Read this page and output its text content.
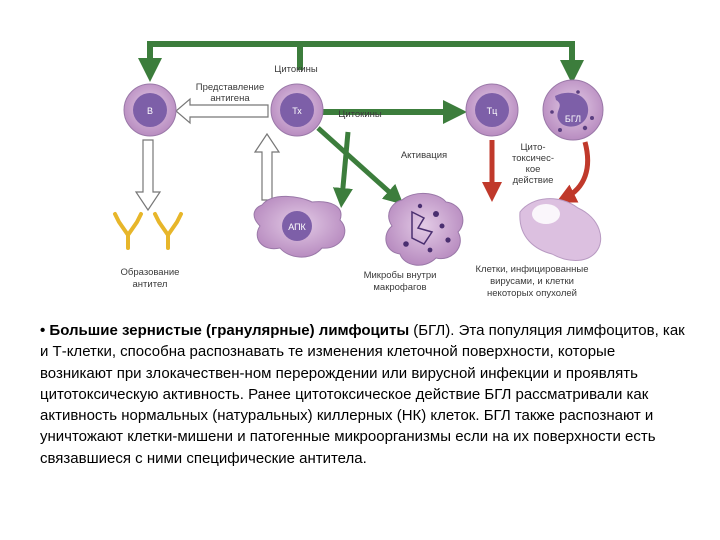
В	Тх	Тц
БГЛ
АПК
Цитокины
Представление
антигена
Цитокины
Активация
Цито-
токсичес-
кое
действие
Образование
антител
Микробы внутри
макрофагов
Клетки, инфицированные
вирусами, и клетки
некоторых опухолей
• Большие зернистые (гранулярные) лимфоциты (БГЛ). Эта популяция лимфоцитов, как и Т-клетки, способна распознавать те изменения клеточной поверхности, которые возникают при злокачествен-ном перерождении или вирусной инфекции и проявлять цитотоксическую активность. Ранее цитотоксическое действие БГЛ рассматривали как активность нормальных (натуральных) киллерных (НК) клеток. БГЛ также распознают и уничтожают клетки-мишени и патогенные микроорганизмы если на их поверхности есть связавшиеся с ними специфические антитела.
